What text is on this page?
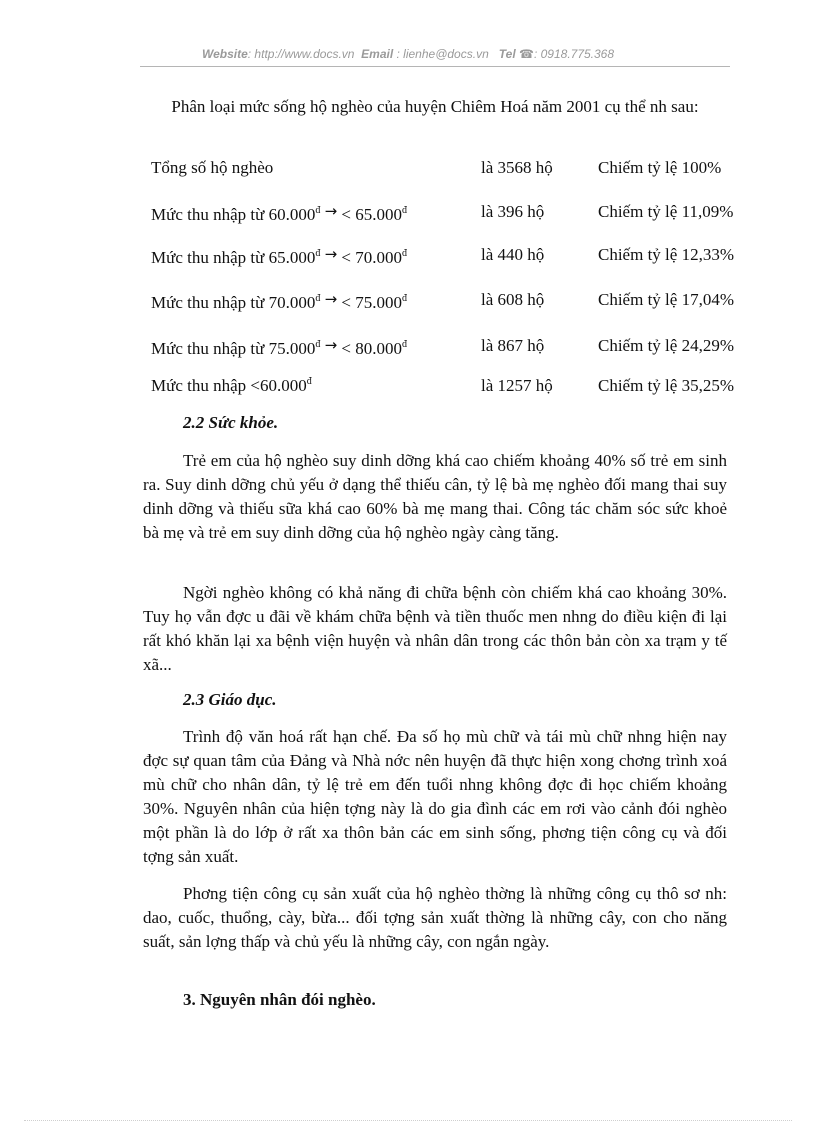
Website: http://www.docs.vn Email : lienhe@docs.vn Tel ☎: 0918.775.368
Phân loại mức sống hộ nghèo của huyện Chiêm Hoá năm 2001 cụ thể nh sau:
Tổng số hộ nghèo	là 3568 hộ	Chiếm tỷ lệ 100%
Mức thu nhập từ $60.000^đ$ → < $65.000^đ$	là 396 hộ	Chiếm tỷ lệ 11,09%
Mức thu nhập từ $65.000^đ$ → < $70.000^đ$	là 440 hộ	Chiếm tỷ lệ 12,33%
Mức thu nhập từ $70.000^đ$ → < $75.000^đ$	là 608 hộ	Chiếm tỷ lệ 17,04%
Mức thu nhập từ $75.000^đ$ → < $80.000^đ$	là 867 hộ	Chiếm tỷ lệ 24,29%
Mức thu nhập $<60.000^đ$	là 1257 hộ	Chiếm tỷ lệ 35,25%
2.2 Sức khỏe.
Trẻ em của hộ nghèo suy dinh dỡng khá cao chiếm khoảng 40% số trẻ em sinh ra. Suy dinh dỡng chủ yếu ở dạng thể thiếu cân, tỷ lệ bà mẹ nghèo đối mang thai suy dinh dỡng và thiếu sữa khá cao 60% bà mẹ mang thai. Công tác chăm sóc sức khoẻ bà mẹ và trẻ em suy dinh dỡng của hộ nghèo ngày càng tăng.
Ngời nghèo không có khả năng đi chữa bệnh còn chiếm khá cao khoảng 30%. Tuy họ vẫn đợc u đãi về khám chữa bệnh và tiền thuốc men nhng do điều kiện đi lại rất khó khăn lại xa bệnh viện huyện và nhân dân trong các thôn bản còn xa trạm y tế xã...
2.3 Giáo dục.
Trình độ văn hoá rất hạn chế. Đa số họ mù chữ và tái mù chữ nhng hiện nay đợc sự quan tâm của Đảng và Nhà nớc nên huyện đã thực hiện xong chơng trình xoá mù chữ cho nhân dân, tỷ lệ trẻ em đến tuổi nhng không đợc đi học chiếm khoảng 30%. Nguyên nhân của hiện tợng này là do gia đình các em rơi vào cảnh đói nghèo một phần là do lớp ở rất xa thôn bản các em sinh sống, phơng tiện công cụ và đối tợng sản xuất.
Phơng tiện công cụ sản xuất của hộ nghèo thờng là những công cụ thô sơ nh: dao, cuốc, thuổng, cày, bừa... đối tợng sản xuất thờng là những cây, con cho năng suất, sản lợng thấp và chủ yếu là những cây, con ngắn ngày.
3. Nguyên nhân đói nghèo.
